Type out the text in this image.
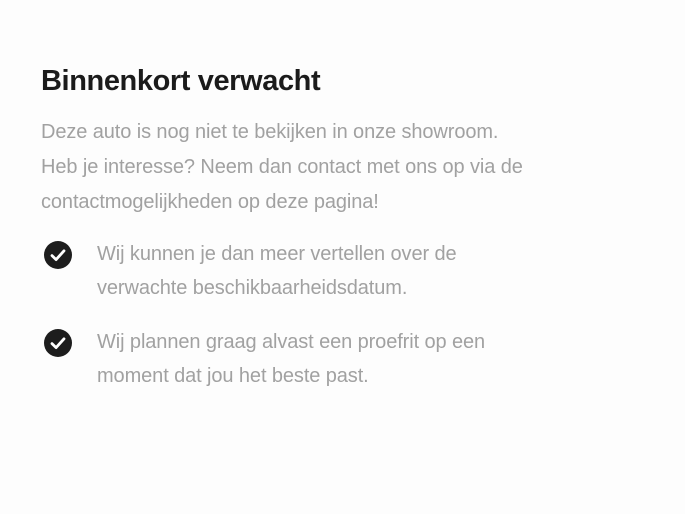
Binnenkort verwacht
Deze auto is nog niet te bekijken in onze showroom.
Heb je interesse? Neem dan contact met ons op via de
contactmogelijkheden op deze pagina!
Wij kunnen je dan meer vertellen over de
verwachte beschikbaarheidsdatum.
Wij plannen graag alvast een proefrit op een
moment dat jou het beste past.
